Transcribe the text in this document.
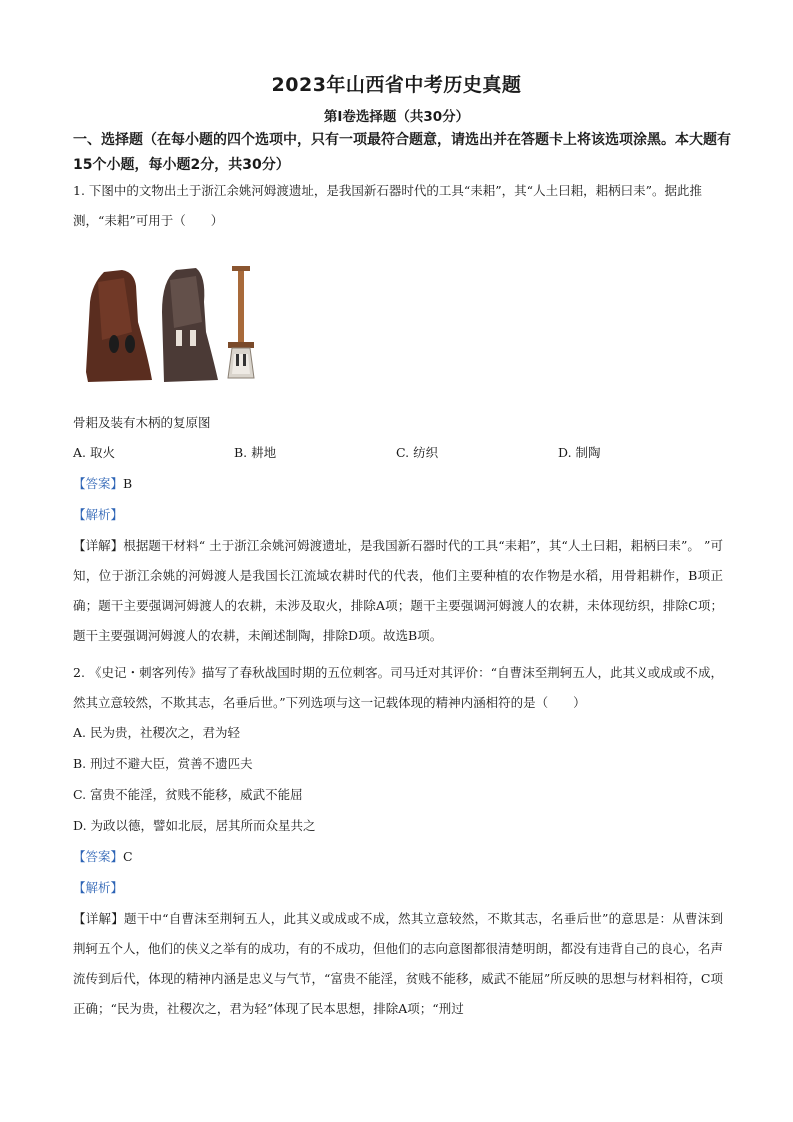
2023年山西省中考历史真题
第I卷选择题（共30分）
一、选择题（在每小题的四个选项中，只有一项最符合题意，请选出并在答题卡上将该选项涂黑。本大题有15个小题，每小题2分，共30分）
1. 下图中的文物出土于浙江余姚河姆渡遗址，是我国新石器时代的工具“耒耜”，其“人土曰耜，耜柄曰耒”。据此推测，“耒耜”可用于（　　）
骨耜及装有木柄的复原图
A. 取火	B. 耕地	C. 纺织	D. 制陶
【答案】B
【解析】
【详解】根据题干材料“ 土于浙江余姚河姆渡遗址，是我国新石器时代的工具“耒耜”，其“人土曰耜，耜柄曰耒”。 ”可知，位于浙江余姚的河姆渡人是我国长江流域农耕时代的代表，他们主要种植的农作物是水稻，用骨耜耕作，B项正确；题干主要强调河姆渡人的农耕，未涉及取火，排除A项；题干主要强调河姆渡人的农耕，未体现纺织，排除C项；题干主要强调河姆渡人的农耕，未阐述制陶，排除D项。故选B项。
2. 《史记・刺客列传》描写了春秋战国时期的五位刺客。司马迁对其评价：“自曹沫至荆轲五人，此其义或成或不成，然其立意较然，不欺其志，名垂后世。”下列选项与这一记载体现的精神内涵相符的是（　　）
A. 民为贵，社稷次之，君为轻
B. 刑过不避大臣，赏善不遗匹夫
C. 富贵不能淫，贫贱不能移，威武不能屈
D. 为政以德，譬如北辰，居其所而众星共之
【答案】C
【解析】
【详解】题干中“自曹沫至荆轲五人，此其义或成或不成，然其立意较然，不欺其志，名垂后世”的意思是：从曹沫到荆轲五个人，他们的侠义之举有的成功，有的不成功，但他们的志向意图都很清楚明朗，都没有违背自己的良心，名声流传到后代，体现的精神内涵是忠义与气节，“富贵不能淫，贫贱不能移，威武不能屈”所反映的思想与材料相符，C项正确；“民为贵，社稷次之，君为轻”体现了民本思想，排除A项；“刑过
